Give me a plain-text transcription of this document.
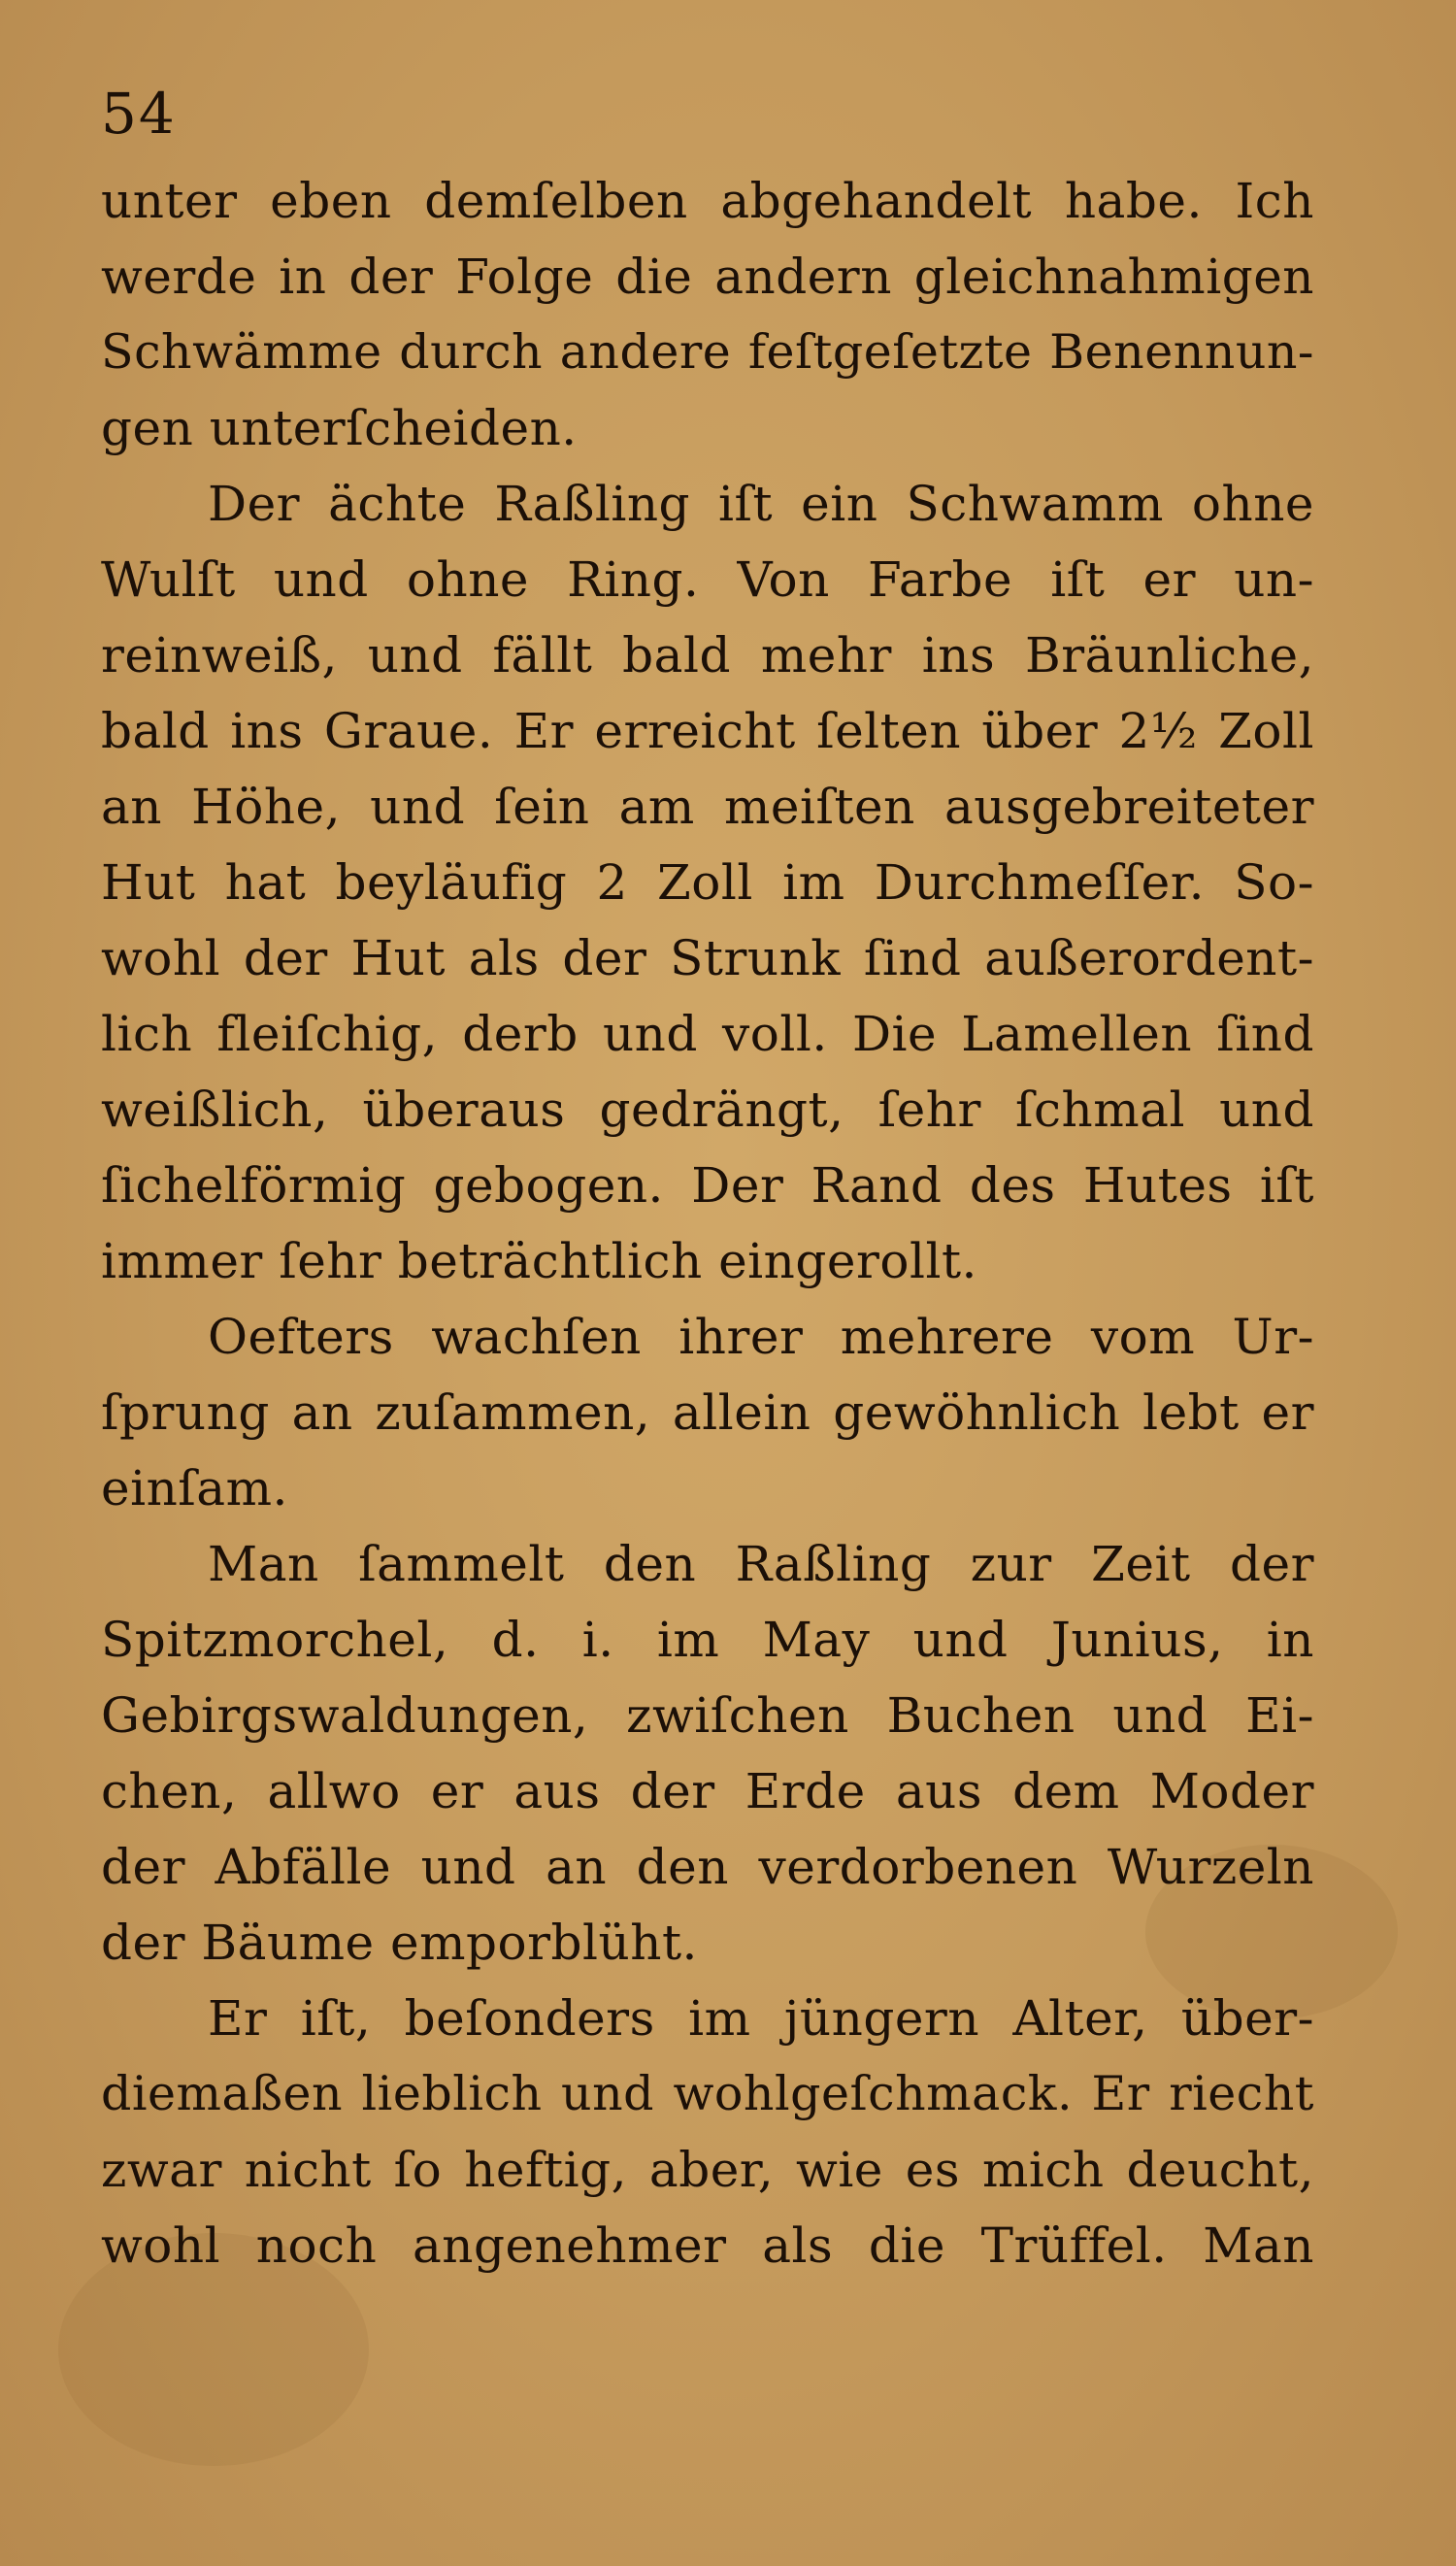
54
unter eben demſelben abgehandelt habe. Ich
werde in der Folge die andern gleichnahmigen
Schwämme durch andere feſtgeſetzte Benennun-
gen unterſcheiden.
Der ächte Raßling iſt ein Schwamm ohne
Wulſt und ohne Ring. Von Farbe iſt er un-
reinweiß, und fällt bald mehr ins Bräunliche,
bald ins Graue. Er erreicht ſelten über 2½ Zoll
an Höhe, und ſein am meiſten ausgebreiteter
Hut hat beyläufig 2 Zoll im Durchmeſſer. So-
wohl der Hut als der Strunk ſind außerordent-
lich fleiſchig, derb und voll. Die Lamellen ſind
weißlich, überaus gedrängt, ſehr ſchmal und
ſichelförmig gebogen. Der Rand des Hutes iſt
immer ſehr beträchtlich eingerollt.
Oefters wachſen ihrer mehrere vom Ur-
ſprung an zuſammen, allein gewöhnlich lebt er
einſam.
Man ſammelt den Raßling zur Zeit der
Spitzmorchel, d. i. im May und Junius, in
Gebirgswaldungen, zwiſchen Buchen und Ei-
chen, allwo er aus der Erde aus dem Moder
der Abfälle und an den verdorbenen Wurzeln
der Bäume emporblüht.
Er iſt, beſonders im jüngern Alter, über-
diemaßen lieblich und wohlgeſchmack. Er riecht
zwar nicht ſo heftig, aber, wie es mich deucht,
wohl noch angenehmer als die Trüffel. Man
